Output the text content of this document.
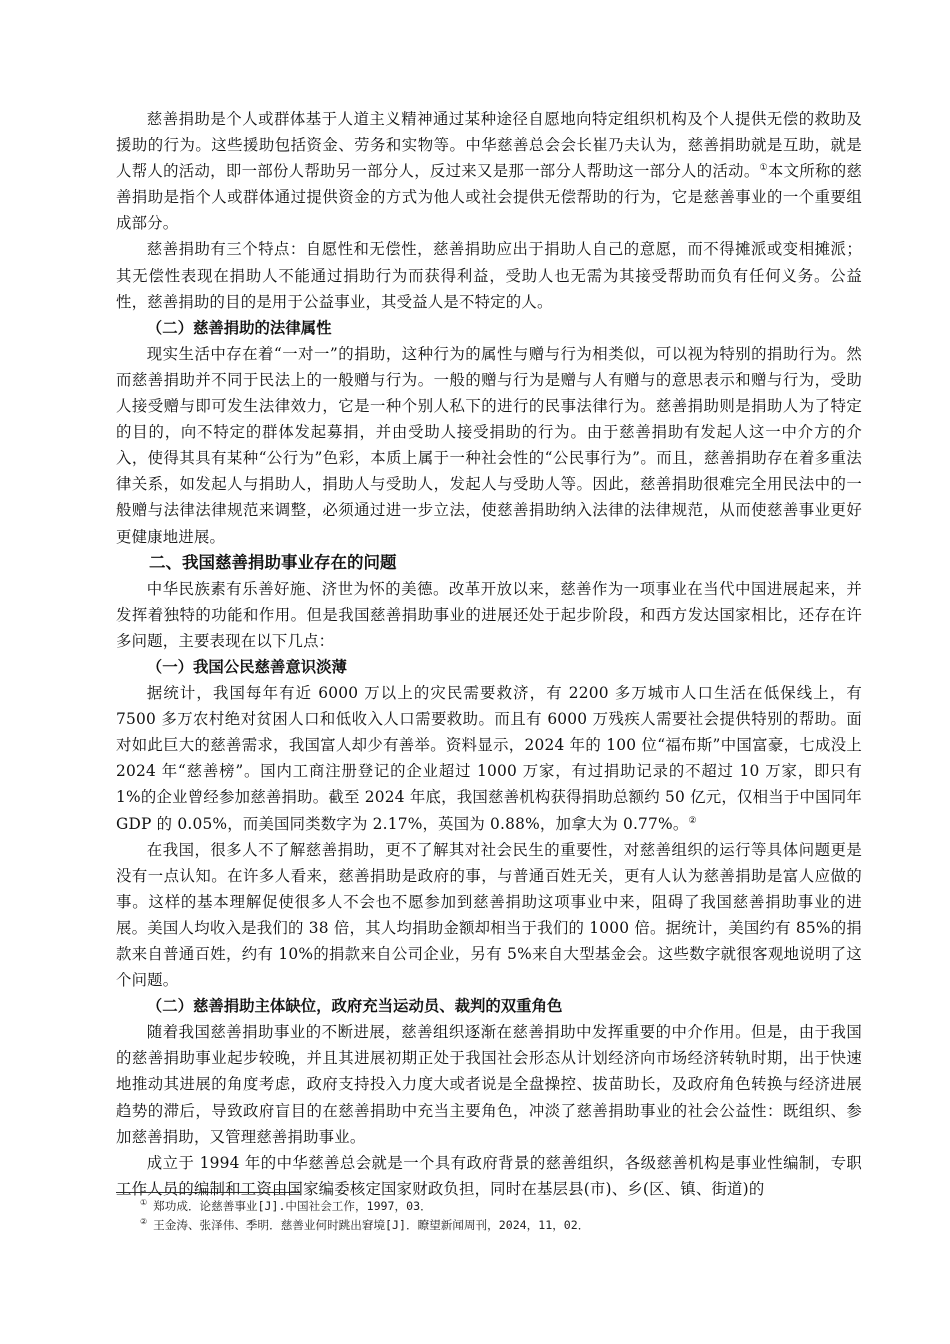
慈善捐助是个人或群体基于人道主义精神通过某种途径自愿地向特定组织机构及个人提供无偿的救助及援助的行为。这些援助包括资金、劳务和实物等。中华慈善总会会长崔乃夫认为，慈善捐助就是互助，就是人帮人的活动，即一部份人帮助另一部分人，反过来又是那一部分人帮助这一部分人的活动。①本文所称的慈善捐助是指个人或群体通过提供资金的方式为他人或社会提供无偿帮助的行为，它是慈善事业的一个重要组成部分。

慈善捐助有三个特点：自愿性和无偿性，慈善捐助应出于捐助人自己的意愿，而不得摊派或变相摊派；其无偿性表现在捐助人不能通过捐助行为而获得利益，受助人也无需为其接受帮助而负有任何义务。公益性，慈善捐助的目的是用于公益事业，其受益人是不特定的人。

（二）慈善捐助的法律属性

现实生活中存在着“一对一”的捐助，这种行为的属性与赠与行为相类似，可以视为特别的捐助行为。然而慈善捐助并不同于民法上的一般赠与行为。一般的赠与行为是赠与人有赠与的意思表示和赠与行为，受助人接受赠与即可发生法律效力，它是一种个别人私下的进行的民事法律行为。慈善捐助则是捐助人为了特定的目的，向不特定的群体发起募捐，并由受助人接受捐助的行为。由于慈善捐助有发起人这一中介方的介入，使得其具有某种“公行为”色彩，本质上属于一种社会性的“公民事行为”。而且，慈善捐助存在着多重法律关系，如发起人与捐助人，捐助人与受助人，发起人与受助人等。因此，慈善捐助很难完全用民法中的一般赠与法律法律规范来调整，必须通过进一步立法，使慈善捐助纳入法律的法律规范，从而使慈善事业更好更健康地进展。

二、我国慈善捐助事业存在的问题

中华民族素有乐善好施、济世为怀的美德。改革开放以来，慈善作为一项事业在当代中国进展起来，并发挥着独特的功能和作用。但是我国慈善捐助事业的进展还处于起步阶段，和西方发达国家相比，还存在许多问题，主要表现在以下几点：

（一）我国公民慈善意识淡薄

据统计，我国每年有近 6000 万以上的灾民需要救济，有 2200 多万城市人口生活在低保线上，有 7500 多万农村绝对贫困人口和低收入人口需要救助。而且有 6000 万残疾人需要社会提供特别的帮助。面对如此巨大的慈善需求，我国富人却少有善举。资料显示，2024 年的 100 位“福布斯”中国富豪，七成没上 2024 年“慈善榜”。国内工商注册登记的企业超过 1000 万家，有过捐助记录的不超过 10 万家，即只有 1%的企业曾经参加慈善捐助。截至 2024 年底，我国慈善机构获得捐助总额约 50 亿元，仅相当于中国同年 GDP 的 0.05%，而美国同类数字为 2.17%，英国为 0.88%，加拿大为 0.77%。②

在我国，很多人不了解慈善捐助，更不了解其对社会民生的重要性，对慈善组织的运行等具体问题更是没有一点认知。在许多人看来，慈善捐助是政府的事，与普通百姓无关，更有人认为慈善捐助是富人应做的事。这样的基本理解促使很多人不会也不愿参加到慈善捐助这项事业中来，阻碍了我国慈善捐助事业的进展。美国人均收入是我们的 38 倍，其人均捐助金额却相当于我们的 1000 倍。据统计，美国约有 85%的捐款来自普通百姓，约有 10%的捐款来自公司企业，另有 5%来自大型基金会。这些数字就很客观地说明了这个问题。

（二）慈善捐助主体缺位，政府充当运动员、裁判的双重角色

随着我国慈善捐助事业的不断进展，慈善组织逐渐在慈善捐助中发挥重要的中介作用。但是，由于我国的慈善捐助事业起步较晚，并且其进展初期正处于我国社会形态从计划经济向市场经济转轨时期，出于快速地推动其进展的角度考虑，政府支持投入力度大或者说是全盘操控、拔苗助长，及政府角色转换与经济进展趋势的滞后，导致政府盲目的在慈善捐助中充当主要角色，冲淡了慈善捐助事业的社会公益性：既组织、参加慈善捐助，又管理慈善捐助事业。

成立于 1994 年的中华慈善总会就是一个具有政府背景的慈善组织，各级慈善机构是事业性编制，专职工作人员的编制和工资由国家编委核定国家财政负担，同时在基层县(市)、乡(区、镇、街道)的

① 郑功成．论慈善事业[J].中国社会工作，1997，03．

② 王金涛、张泽伟、季明．慈善业何时跳出窘境[J]．瞭望新闻周刊，2024，11，02．
